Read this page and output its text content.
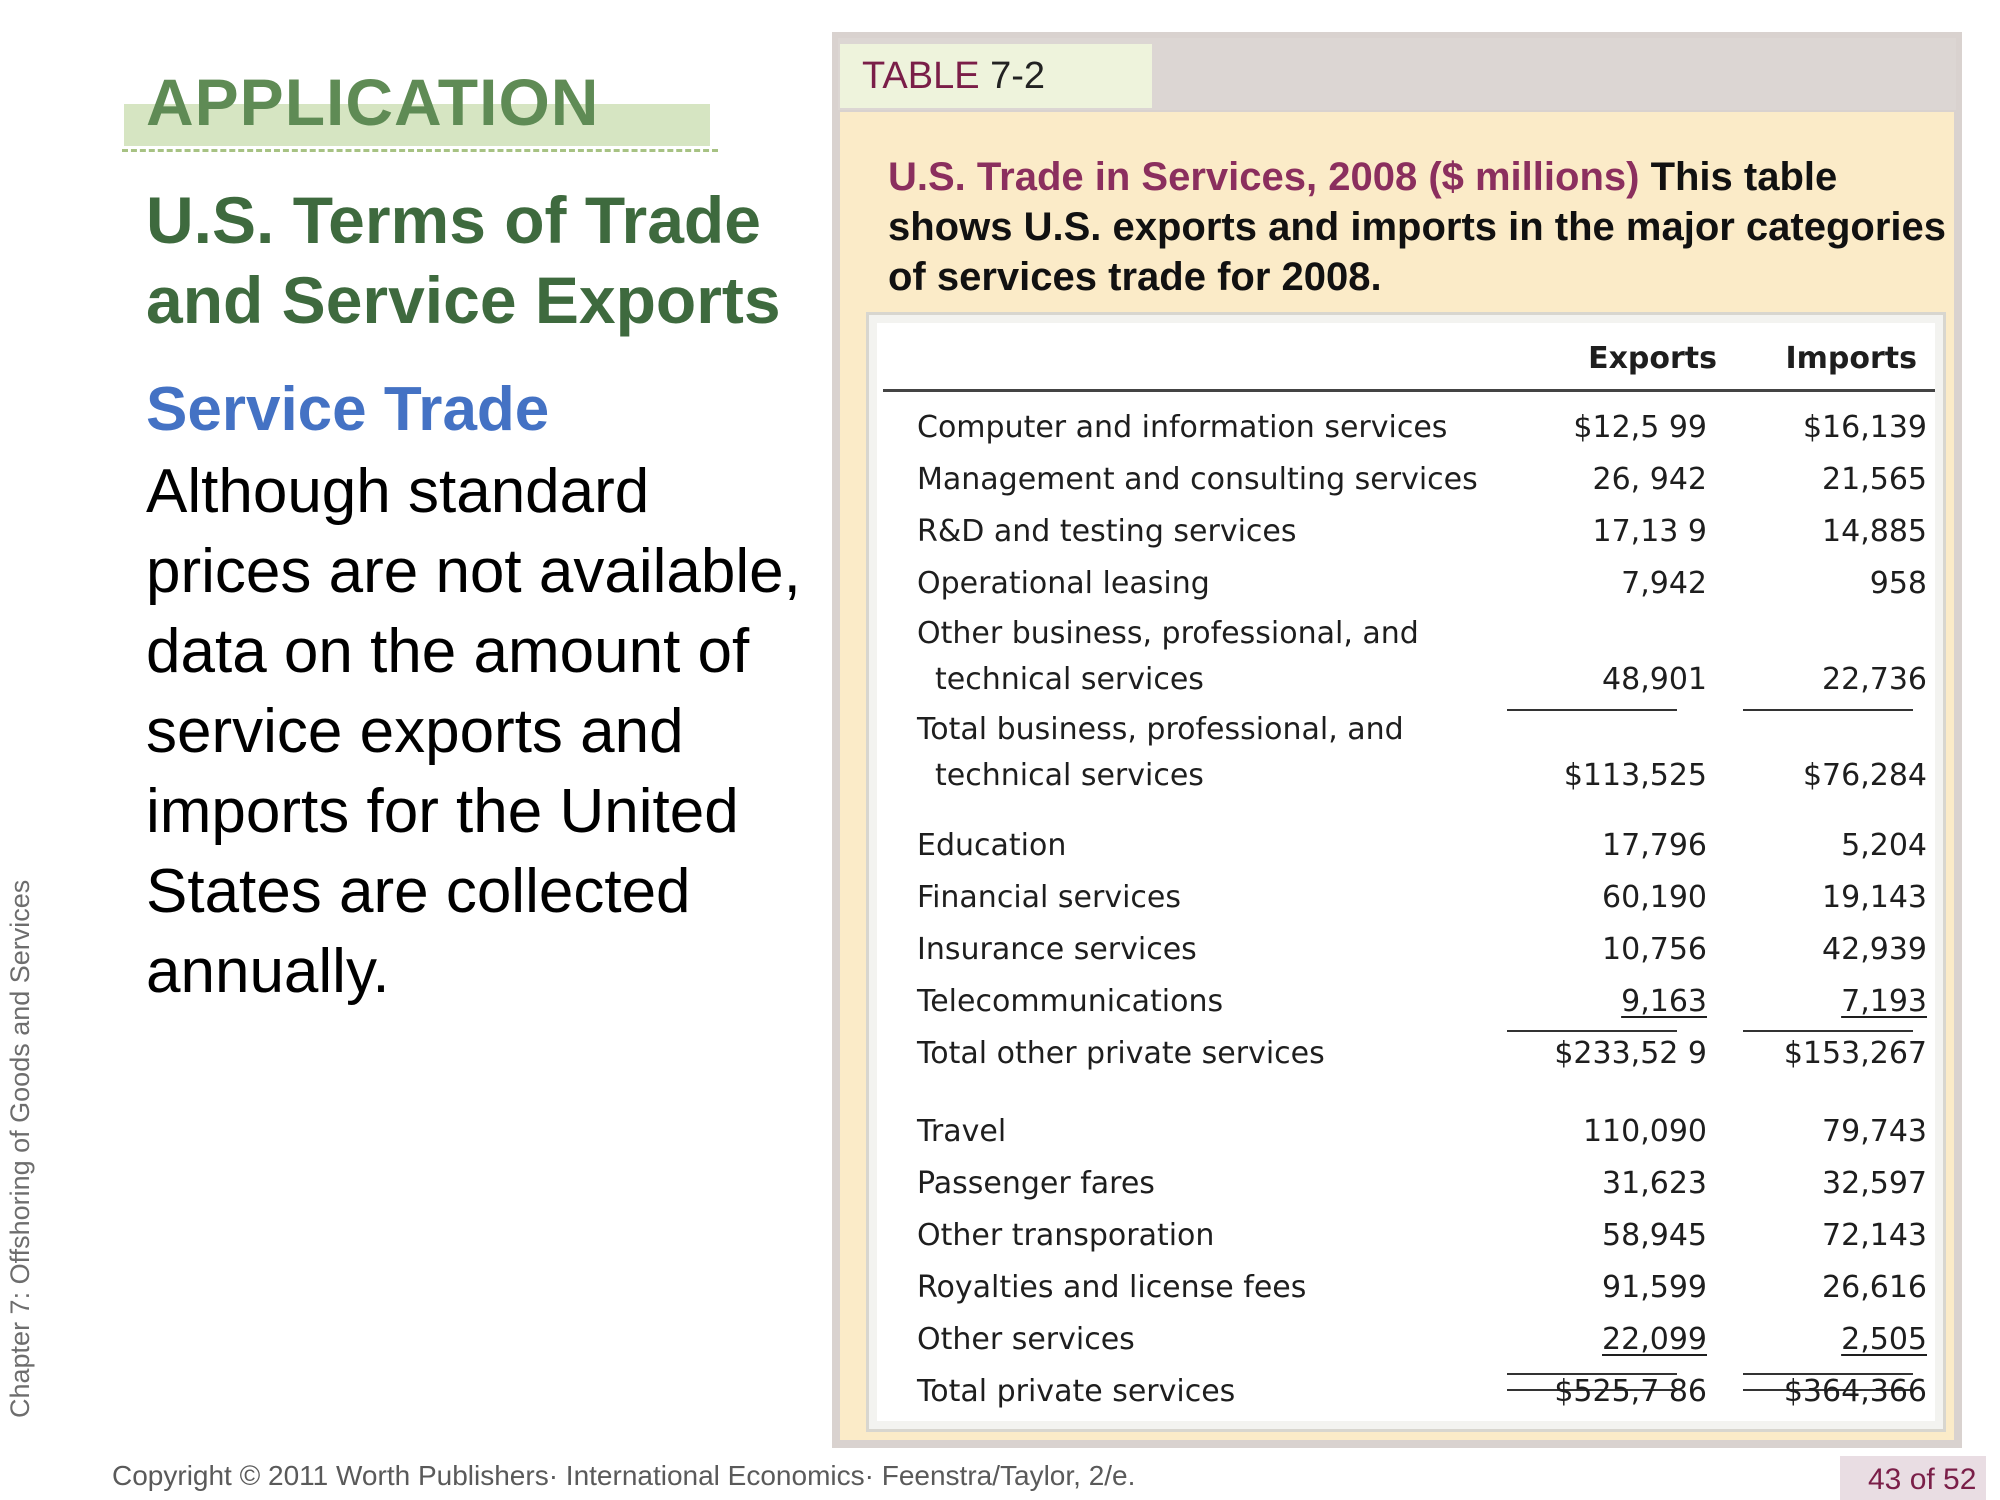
APPLICATION
U.S. Terms of Trade
and Service Exports
Service Trade
Although standard prices are not available, data on the amount of service exports and imports for the United States are collected annually.
Chapter 7: Offshoring of Goods and Services
TABLE 7-2
U.S. Trade in Services, 2008 ($ millions) This table shows U.S. exports and imports in the major categories of services trade for 2008.
Exports	Imports
Computer and information services	$12,5 99	$16,139
Management and consulting services	26, 942	21,565
R&D and testing services	17,13 9	14,885
Operational leasing	7,942	958
Other business, professional, and
technical services	48,901	22,736
Total business, professional, and
technical services	$113,525	$76,284
Education	17,796	5,204
Financial services	60,190	19,143
Insurance services	10,756	42,939
Telecommunications	9,163	7,193
Total other private services	$233,52 9	$153,267
Travel	110,090	79,743
Passenger fares	31,623	32,597
Other transporation	58,945	72,143
Royalties and license fees	91,599	26,616
Other services	22,099	2,505
Total private services	$525,7 86	$364,366
Copyright © 2011 Worth Publishers· International Economics· Feenstra/Taylor, 2/e.	43 of 52
